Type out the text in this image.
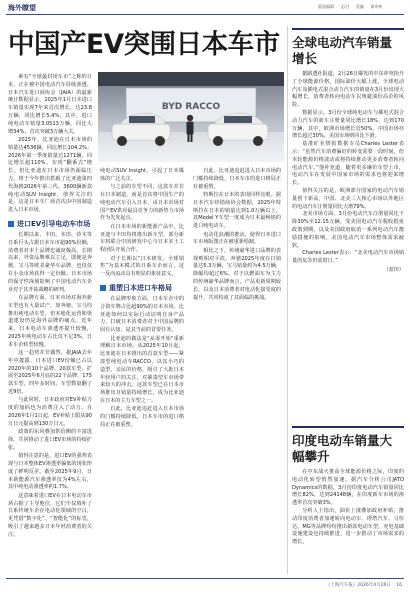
海外瞭望	版面编辑 文/吕 美编 请审核
中国产EV突围日本车市
BYD RACCO

素有“全球最封闭车市”之称的日本，正在被中国电动汽车持续渗透。日本汽车进口商协会（JAIA）的最新统计数据显示，2025年1月日本进口车销量实现7年来首次增长，达23.8万辆，同比增长5.4%，其中，进口纯电动车销量3.0513万辆，同比大增34%，首次突破3万辆大关。

2025年，比亚迪在日本市场的销量达4536辆，同比增长104.2%；2026年第一季度销量达1271辆，同比增长超110%。实现“翻番式”增长。但比亚迪在日本市场仍面临压力，将于今年推出搭载了比亚迪第四代海鸥2026年第三代、3600辆新款纯电动SUV Insight，值得关注的是，这是日本车厂商首次由中国制造进入日本市场。

进口EV引导电动车市场

长期以来，丰田、本田、铃木等日系巨头占据日本车市超90%份额，消费者对本土品牌忠诚度极高。长期以来，外资品牌难以立足，即便是奔驰、宝马等欧美豪华车品牌，也仅仅在小众市场获得一定份额。日本市场的保守性深刻影响了中国电动汽车企业对于其开拓战略的研判。

在品牌方面，日本市场对海外新车型也有大量试产，如奔驰、宝马均推出纯电动车型，但本地化运营和渠道建设仍是海外品牌的痛点。近年来，日本电动车渗透率提升较慢，2025年纯电动车占比仅不足3%，日本车企转型较慢。

这一趋势并非偶然。据JAIA去年年中披露，日本进口EV份额已占以2020年的10个品牌、20款车型，扩展至2025年6月底的22个品牌、175款车型，四年多时间，车型数量翻了近9倍。

与此同时，日本政府对EV补贴力度的加码也为消费注入了动力。自2026年1月1日起，EV补贴上限从90万日元提高到130万日元。

政策的东风叠加供给侧的丰富选择，共同推动了进口EV市场的持续扩张。

值得注意的是，进口EV的强势表现与日本整体EV渗透率偏低的现状形成了鲜明反差。截至2025年9月，日本新能源汽车渗透率仅为4%左右，其中纯电动渗透率约1.7%。

这意味着进口EV在日本电动车市场占据了主导地位，它们不仅填补了日系传统车企在电动化领域的空白，更凭借“数字化”、“智能化”的标签，吸引了越来越多日本年轻消费者的关注。

纯电动SUV Insight，引起了日本媒体的广泛关注。

与之前的车型不同，这款车并非在日本制造，而是首次将中国生产的纯电动汽车引入日本，由日本市场对国产EV供应最具竞争力的新势力市场作为先发起点。

在日本市场的新能源产品中，比亚迪与丰田均将推出新车型，部分新车将联合中国研发中心与日本本土工程团队开展合作。

对于长期以“日本研发、全球销售”为基本模式的日系车企而言，这一反向流动具有明显的象征意义。

重塑日本进口车格局

在品牌形象方面，日本车企中的合资车牌占比超90%的日本市场，比亚迪如何以实际行动证明自身产品力，打破日本消费者对于中国品牌的固有认知，是其当前的首要任务。

比亚迪的做法是“从零开始”重新理解日本市场。从2025年10月起，比亚迪在日本推出的首款车型——紧凑型纯电动车RACCO，以其小巧的造型、亲民的价格，吸引了大批日本年轻用户的关注，对紧凑型车市场带来较大的冲击。这款车型已在日本市场推出且销量持续增长，成为比亚迪在日本的主力车型之一。

自此，比亚迪追赶进入日本市场的门槛持续降低，日本车市的进口格局正在被重塑。

自此，比亚迪追赶进入日本市场的门槛持续降低，日本车市的进口格局正在被重塑。

特斯拉在日本的表现同样亮眼。据日本汽车经销商协会数据，2025年特斯拉在日本的销量达到1.0万辆以上，其Model Y车型一度成为日本最畅销的进口纯电动车。

电动化浪潮的推动，使得日本进口车市场版图正在被重新绘制。

相比之下，传统豪华进口品牌的表现则相对平淡。奔驰2025年度在日销量达5.3万辆，宝马销量约为4.5万辆，降幅均超过6%。对于以燃油车为主力的传统豪华品牌而言，产品更新周期较长，以及日本消费者对电动化接受度的提升，共同构成了其面临的挑战。

全球电动汽车销量增长

据路透社报道，2月26日爆发的中东冲突抬升了全球能源价格，国际油价大幅上涨，全球电动汽车及插电式混合动力汽车的销量在3月份出现大幅增长，消费者转向电动车以规避油价高企的风险。

数据显示，3月份全球纯电动车与插电式混合动力汽车的新车注册量同比增长18%，达到170万辆，其中，欧洲市场增长近50%，中国市场亦增长超过30%，美国市场则同比下滑。

基准矿业情报数据专员Charles Lester表示：“虽然汽车消费偏好的转变需要一段时间，但本轮能源价格波动或将持续推动更多消费者转向电动汽车。”他补充道，随着更多廉价车型上市，电动汽车在发展中国家市场的需求也将迎来增长。

值得关注的是，欧洲部分国家的电动汽车销量创下新高，中国、北美三大核心市场以外地区的电动汽车注册量同比大增79%。

北美市场方面，3月份电动汽车注册量同比下降30%至12.15万辆。受美国电动汽车税收抵免政策到期，以及美国政府取消一系列电动汽车激励措施的影响，美国电动汽车市场整体需求疲软。

Charles Lester表示：“北美电动汽车市场销量的复苏仍需时日。”

（蓝田）
印度电动车销量大幅攀升

在中东战火推高全球能源价格之际，印度的电动化转型悄然加速。据汽车分析公司JATO Dynamics的数据，3月份印度电动汽车销量同比增长82%，达到24148辆，在印度新车市场的渗透率首次突破3%。

分析人士指出，油价上涨叠加政府补贴，推动印度消费者加速转向电动车。塔塔汽车、马恒达、MG等品牌纷纷推出新款电动车型，充电基础设施建设也持续推进，进一步推动了市场需求的增长。

《上海汽车报》2026年4月26日 16
